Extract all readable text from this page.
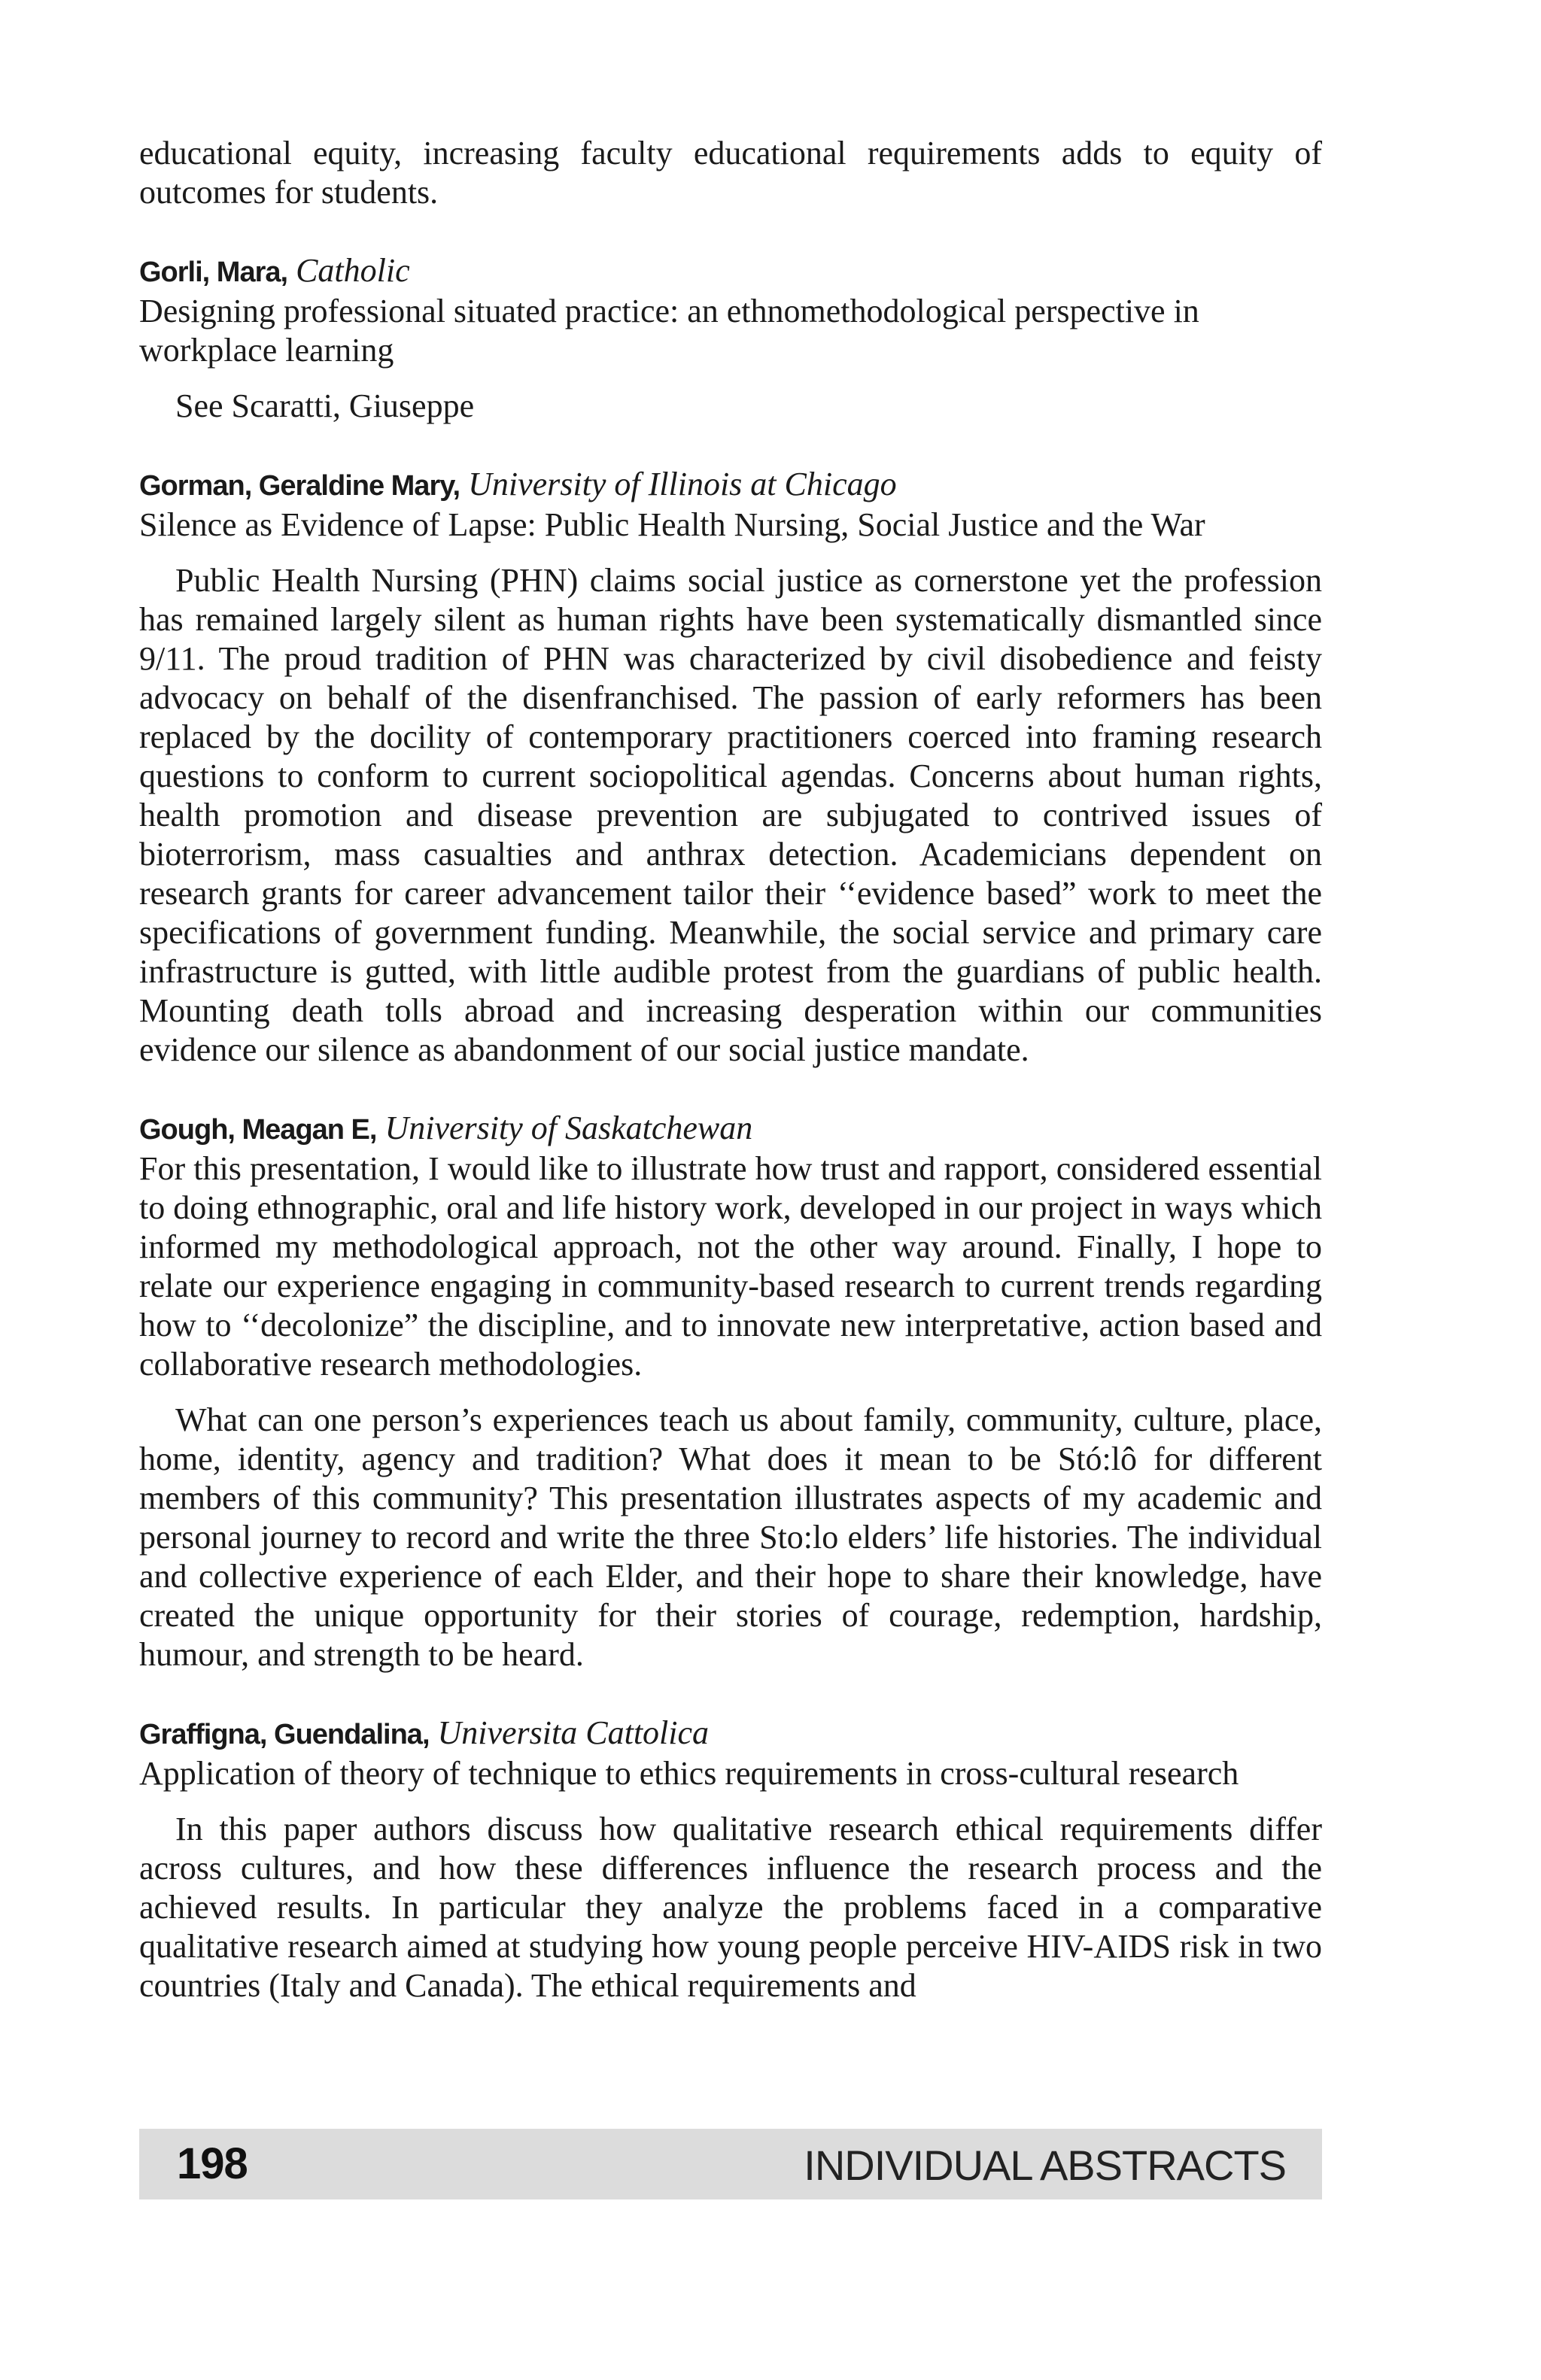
educational equity, increasing faculty educational requirements adds to equity of outcomes for students.

Gorli, Mara, Catholic

Designing professional situated practice: an ethnomethodological perspective in workplace learning

See Scaratti, Giuseppe

Gorman, Geraldine Mary, University of Illinois at Chicago

Silence as Evidence of Lapse: Public Health Nursing, Social Justice and the War

Public Health Nursing (PHN) claims social justice as cornerstone yet the profession has remained largely silent as human rights have been systematically dismantled since 9/11. The proud tradition of PHN was characterized by civil disobedience and feisty advocacy on behalf of the disenfranchised. The passion of early reformers has been replaced by the docility of contemporary practitioners coerced into framing research questions to conform to current sociopolitical agendas. Concerns about human rights, health promotion and disease prevention are subjugated to contrived issues of bioterrorism, mass casualties and anthrax detection. Academicians dependent on research grants for career advancement tailor their ‘‘evidence based” work to meet the specifications of government funding. Meanwhile, the social service and primary care infrastructure is gutted, with little audible protest from the guardians of public health. Mounting death tolls abroad and increasing desperation within our communities evidence our silence as abandonment of our social justice mandate.

Gough, Meagan E, University of Saskatchewan

For this presentation, I would like to illustrate how trust and rapport, considered essential to doing ethnographic, oral and life history work, developed in our project in ways which informed my methodological approach, not the other way around. Finally, I hope to relate our experience engaging in community-based research to current trends regarding how to ‘‘decolonize” the discipline, and to innovate new interpretative, action based and collaborative research methodologies.

What can one person’s experiences teach us about family, community, culture, place, home, identity, agency and tradition? What does it mean to be Stó:lô for different members of this community? This presentation illustrates aspects of my academic and personal journey to record and write the three Sto:lo elders’ life histories. The individual and collective experience of each Elder, and their hope to share their knowledge, have created the unique opportunity for their stories of courage, redemption, hardship, humour, and strength to be heard.

Graffigna, Guendalina, Universita Cattolica

Application of theory of technique to ethics requirements in cross-cultural research

In this paper authors discuss how qualitative research ethical requirements differ across cultures, and how these differences influence the research process and the achieved results. In particular they analyze the problems faced in a comparative qualitative research aimed at studying how young people perceive HIV-AIDS risk in two countries (Italy and Canada). The ethical requirements and

198	INDIVIDUAL ABSTRACTS
